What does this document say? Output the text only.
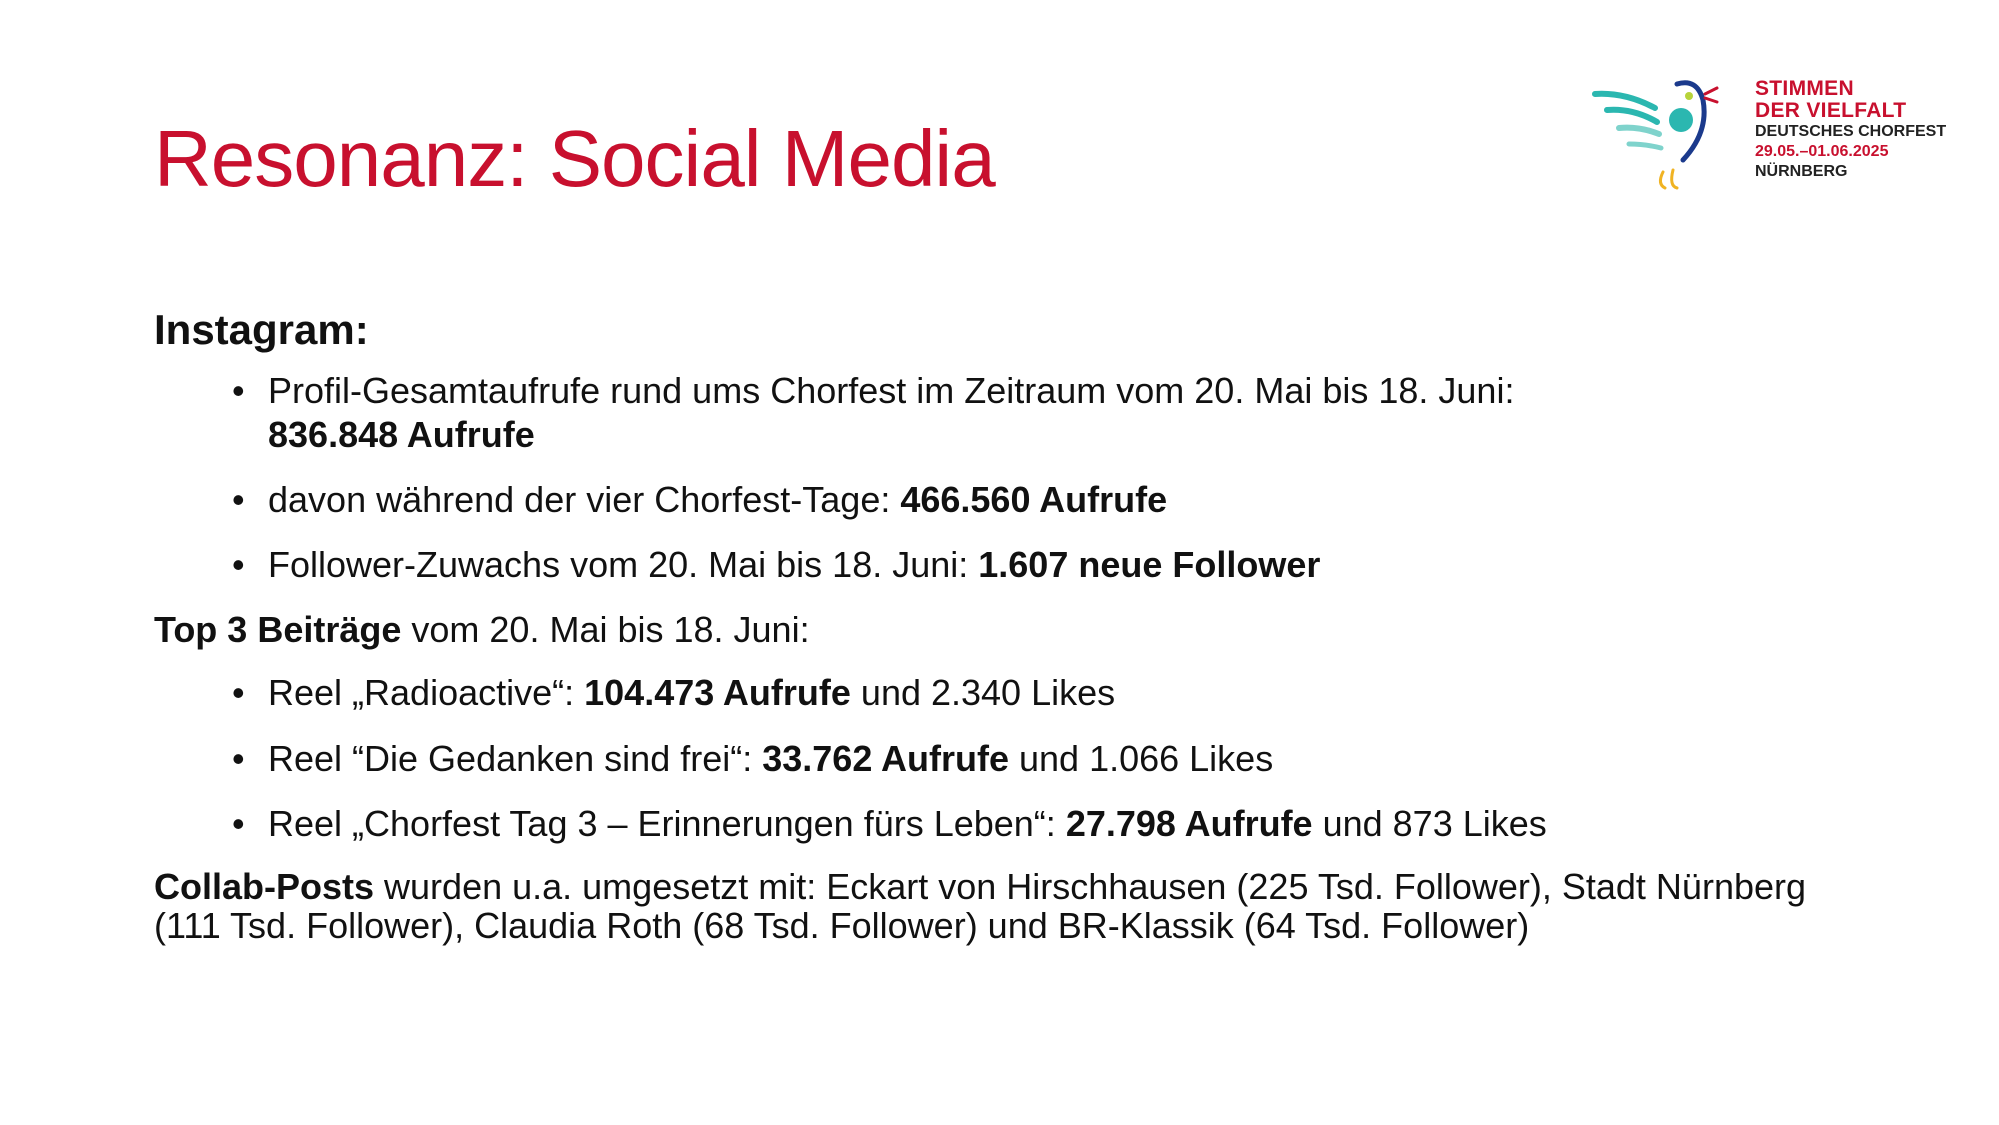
Resonanz: Social Media
STIMMEN
DER VIELFALT
DEUTSCHES CHORFEST
29.05.–01.06.2025
NÜRNBERG
Instagram:
• Profil-Gesamtaufrufe rund ums Chorfest im Zeitraum vom 20. Mai bis 18. Juni:
836.848 Aufrufe
• davon während der vier Chorfest-Tage: 466.560 Aufrufe
• Follower-Zuwachs vom 20. Mai bis 18. Juni: 1.607 neue Follower
Top 3 Beiträge vom 20. Mai bis 18. Juni:
• Reel „Radioactive“: 104.473 Aufrufe und 2.340 Likes
• Reel “Die Gedanken sind frei“: 33.762 Aufrufe und 1.066 Likes
• Reel „Chorfest Tag 3 – Erinnerungen fürs Leben“: 27.798 Aufrufe und 873 Likes
Collab-Posts wurden u.a. umgesetzt mit: Eckart von Hirschhausen (225 Tsd. Follower), Stadt Nürnberg (111 Tsd. Follower), Claudia Roth (68 Tsd. Follower) und BR-Klassik (64 Tsd. Follower)
